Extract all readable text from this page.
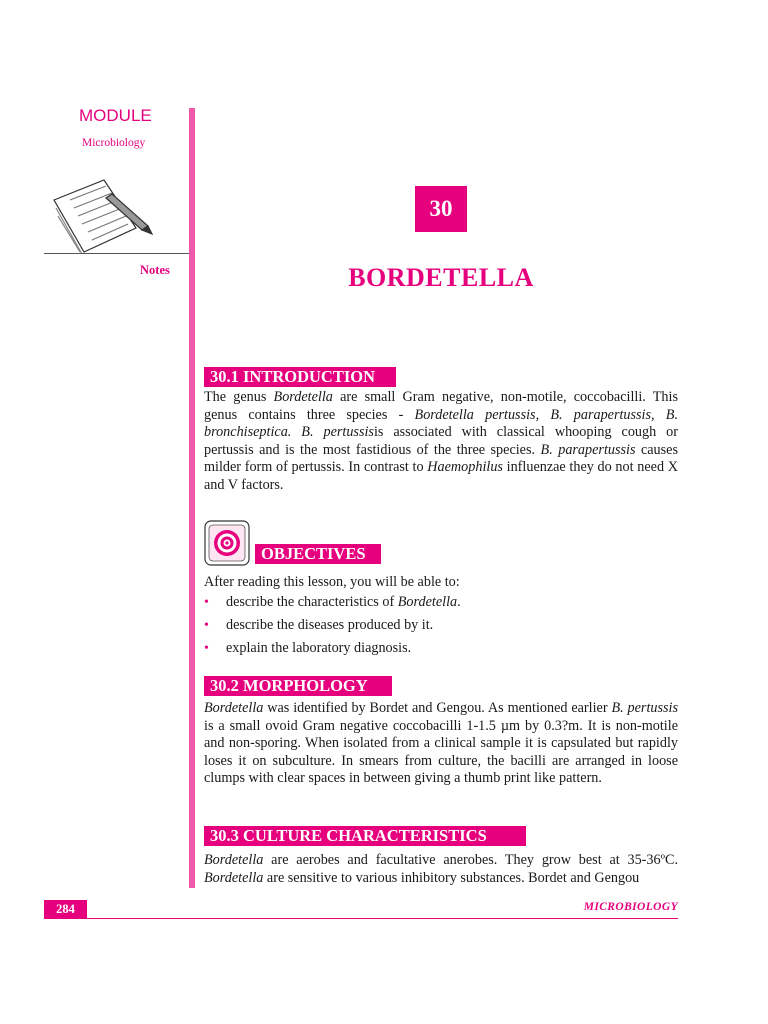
MODULE
Microbiology
Notes
30
BORDETELLA
30.1 INTRODUCTION
The genus Bordetella are small Gram negative, non-motile, coccobacilli. This genus contains three species - Bordetella pertussis, B. parapertussis, B. bronchiseptica. B. pertussisis associated with classical whooping cough or pertussis and is the most fastidious of the three species. B. parapertussis causes milder form of pertussis. In contrast to Haemophilus influenzae they do not need X and V factors.
OBJECTIVES
After reading this lesson, you will be able to:
• describe the characteristics of Bordetella.
• describe the diseases produced by it.
• explain the laboratory diagnosis.
30.2 MORPHOLOGY
Bordetella was identified by Bordet and Gengou. As mentioned earlier B. pertussis is a small ovoid Gram negative coccobacilli 1-1.5 µm by 0.3?m. It is non-motile and non-sporing. When isolated from a clinical sample it is capsulated but rapidly loses it on subculture. In smears from culture, the bacilli are arranged in loose clumps with clear spaces in between giving a thumb print like pattern.
30.3 CULTURE CHARACTERISTICS
Bordetella are aerobes and facultative anerobes. They grow best at 35-36ºC. Bordetella are sensitive to various inhibitory substances. Bordet and Gengou
284	MICROBIOLOGY
